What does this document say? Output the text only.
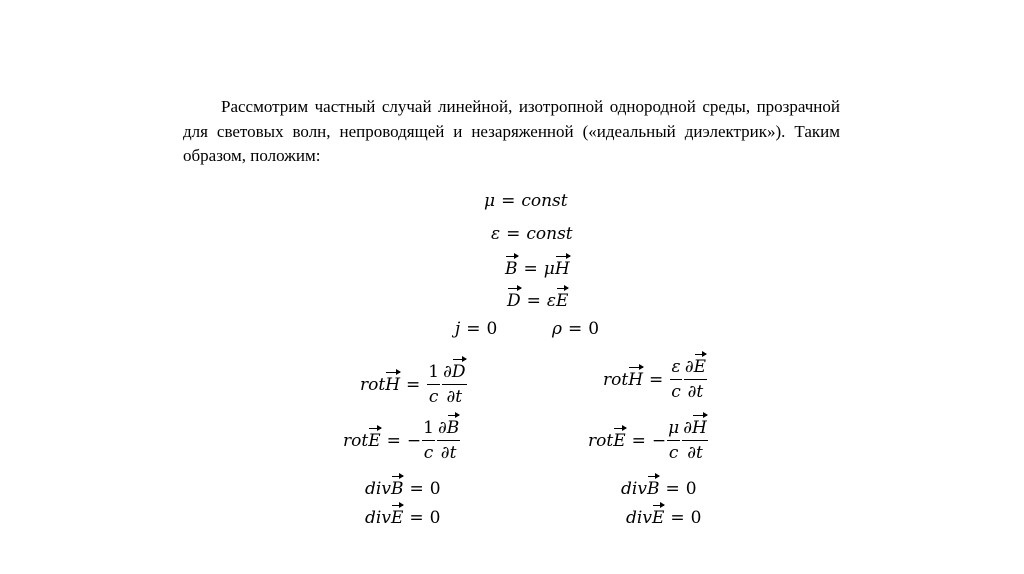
Рассмотрим частный случай линейной, изотропной однородной среды, прозрачной для световых волн, непроводящей и незаряженной («идеальный диэлектрик»). Таким образом, положим:

μ = const
ε = const
B = μH
D = εE
j = 0	ρ = 0
rot $H = \frac{1}{c} \frac{\partial D}{\partial t}$
rot E = − $\frac{1}{c} \frac{\partial B}{\partial t}$
divB = 0
divE = 0
rot $H = \frac{\varepsilon}{c} \frac{\partial E}{\partial t}$
rot E = − $\frac{\mu}{c} \frac{\partial H}{\partial t}$
divB = 0
divE = 0
